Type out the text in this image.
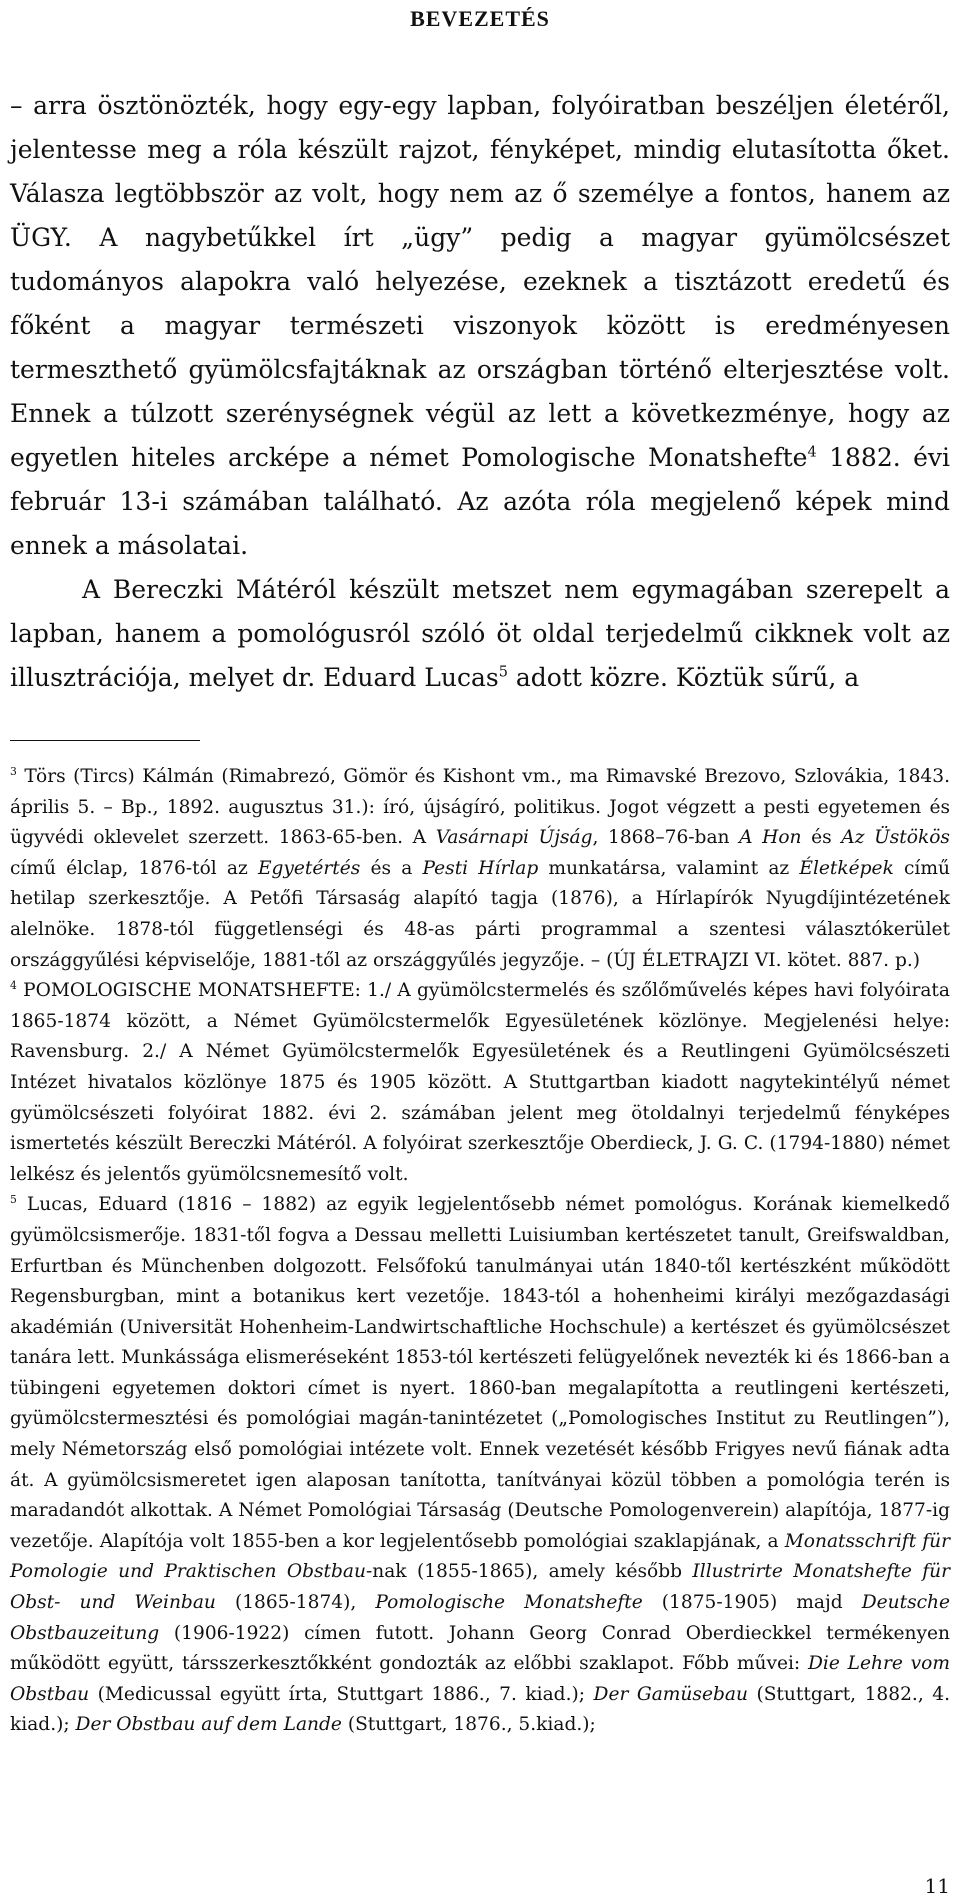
BEVEZETÉS

– arra ösztönözték, hogy egy-egy lapban, folyóiratban beszéljen életéről, jelentesse meg a róla készült rajzot, fényképet, mindig elutasította őket. Válasza legtöbbször az volt, hogy nem az ő személye a fontos, hanem az ÜGY. A nagybetűkkel írt „ügy” pedig a magyar gyümölcsészet tudományos alapokra való helyezése, ezeknek a tisztázott eredetű és főként a magyar természeti viszonyok között is eredményesen termeszthető gyümölcsfajtáknak az országban történő elterjesztése volt. Ennek a túlzott szerénységnek végül az lett a következménye, hogy az egyetlen hiteles arcképe a német Pomologische Monatshefte$^4$ 1882. évi február 13-i számában található. Az azóta róla megjelenő képek mind ennek a másolatai.

A Bereczki Mátéról készült metszet nem egymagában szerepelt a lapban, hanem a pomológusról szóló öt oldal terjedelmű cikknek volt az illusztrációja, melyet dr. Eduard Lucas$^5$ adott közre. Köztük sűrű, a

$^3$ Törs (Tircs) Kálmán (Rimabrezó, Gömör és Kishont vm., ma Rimavské Brezovo, Szlovákia, 1843. április 5. – Bp., 1892. augusztus 31.): író, újságíró, politikus. Jogot végzett a pesti egyetemen és ügyvédi oklevelet szerzett. 1863-65-ben. A Vasárnapi Újság, 1868–76-ban A Hon és Az Üstökös című élclap, 1876-tól az Egyetértés és a Pesti Hírlap munkatársa, valamint az Életképek című hetilap szerkesztője. A Petőfi Társaság alapító tagja (1876), a Hírlapírók Nyugdíjintézetének alelnöke. 1878-tól függetlenségi és 48-as párti programmal a szentesi választókerület országgyűlési képviselője, 1881-től az országgyűlés jegyzője. – (ÚJ ÉLETRAJZI VI. kötet. 887. p.)

$^4$ POMOLOGISCHE MONATSHEFTE: 1./ A gyümölcstermelés és szőlőművelés képes havi folyóirata 1865-1874 között, a Német Gyümölcstermelők Egyesületének közlönye. Megjelenési helye: Ravensburg. 2./ A Német Gyümölcstermelők Egyesületének és a Reutlingeni Gyümölcsészeti Intézet hivatalos közlönye 1875 és 1905 között. A Stuttgartban kiadott nagytekintélyű német gyümölcsészeti folyóirat 1882. évi 2. számában jelent meg ötoldalnyi terjedelmű fényképes ismertetés készült Bereczki Mátéról. A folyóirat szerkesztője Oberdieck, J. G. C. (1794-1880) német lelkész és jelentős gyümölcsnemesítő volt.

$^5$ Lucas, Eduard (1816 – 1882) az egyik legjelentősebb német pomológus. Korának kiemelkedő gyümölcsismerője. 1831-től fogva a Dessau melletti Luisiumban kertészetet tanult, Greifswaldban, Erfurtban és Münchenben dolgozott. Felsőfokú tanulmányai után 1840-től kertészként működött Regensburgban, mint a botanikus kert vezetője. 1843-tól a hohenheimi királyi mezőgazdasági akadémián (Universität Hohenheim-Landwirtschaftliche Hochschule) a kertészet és gyümölcsészet tanára lett. Munkássága elismeréseként 1853-tól kertészeti felügyelőnek nevezték ki és 1866-ban a tübingeni egyetemen doktori címet is nyert. 1860-ban megalapította a reutlingeni kertészeti, gyümölcstermesztési és pomológiai magán-tanintézetet („Pomologisches Institut zu Reutlingen”), mely Németország első pomológiai intézete volt. Ennek vezetését később Frigyes nevű fiának adta át. A gyümölcsismeretet igen alaposan tanította, tanítványai közül többen a pomológia terén is maradandót alkottak. A Német Pomológiai Társaság (Deutsche Pomologenverein) alapítója, 1877-ig vezetője. Alapítója volt 1855-ben a kor legjelentősebb pomológiai szaklapjának, a Monatsschrift für Pomologie und Praktischen Obstbau-nak (1855-1865), amely később Illustrirte Monatshefte für Obst- und Weinbau (1865-1874), Pomologische Monatshefte (1875-1905) majd Deutsche Obstbauzeitung (1906-1922) címen futott. Johann Georg Conrad Oberdieckkel termékenyen működött együtt, társszerkesztőkként gondozták az előbbi szaklapot. Főbb művei: Die Lehre vom Obstbau (Medicussal együtt írta, Stuttgart 1886., 7. kiad.); Der Gamüsebau (Stuttgart, 1882., 4. kiad.); Der Obstbau auf dem Lande (Stuttgart, 1876., 5.kiad.);

11
